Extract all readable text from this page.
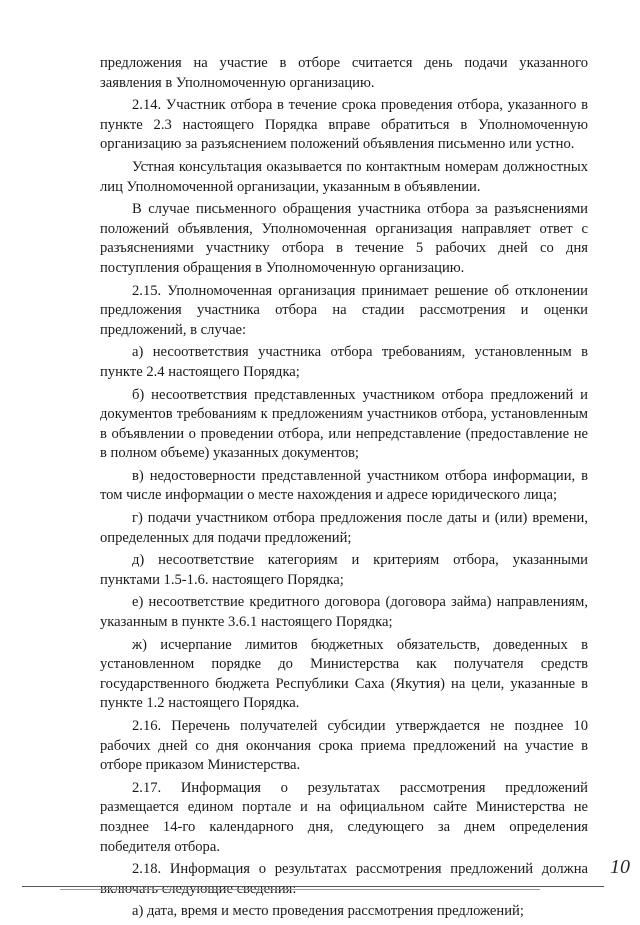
предложения на участие в отборе считается день подачи указанного заявления в Уполномоченную организацию.

2.14. Участник отбора в течение срока проведения отбора, указанного в пункте 2.3 настоящего Порядка вправе обратиться в Уполномоченную организацию за разъяснением положений объявления письменно или устно.

Устная консультация оказывается по контактным номерам должностных лиц Уполномоченной организации, указанным в объявлении.

В случае письменного обращения участника отбора за разъяснениями положений объявления, Уполномоченная организация направляет ответ с разъяснениями участнику отбора в течение 5 рабочих дней со дня поступления обращения в Уполномоченную организацию.

2.15. Уполномоченная организация принимает решение об отклонении предложения участника отбора на стадии рассмотрения и оценки предложений, в случае:

а) несоответствия участника отбора требованиям, установленным в пункте 2.4 настоящего Порядка;

б) несоответствия представленных участником отбора предложений и документов требованиям к предложениям участников отбора, установленным в объявлении о проведении отбора, или непредставление (предоставление не в полном объеме) указанных документов;

в) недостоверности представленной участником отбора информации, в том числе информации о месте нахождения и адресе юридического лица;

г) подачи участником отбора предложения после даты и (или) времени, определенных для подачи предложений;

д) несоответствие категориям и критериям отбора, указанными пунктами 1.5-1.6. настоящего Порядка;

е) несоответствие кредитного договора (договора займа) направлениям, указанным в пункте 3.6.1 настоящего Порядка;

ж) исчерпание лимитов бюджетных обязательств, доведенных в установленном порядке до Министерства как получателя средств государственного бюджета Республики Саха (Якутия) на цели, указанные в пункте 1.2 настоящего Порядка.

2.16. Перечень получателей субсидии утверждается не позднее 10 рабочих дней со дня окончания срока приема предложений на участие в отборе приказом Министерства.

2.17. Информация о результатах рассмотрения предложений размещается едином портале и на официальном сайте Министерства не позднее 14-го календарного дня, следующего за днем определения победителя отбора.

2.18. Информация о результатах рассмотрения предложений должна

а) дата, время и место проведения рассмотрения предложений;

10
